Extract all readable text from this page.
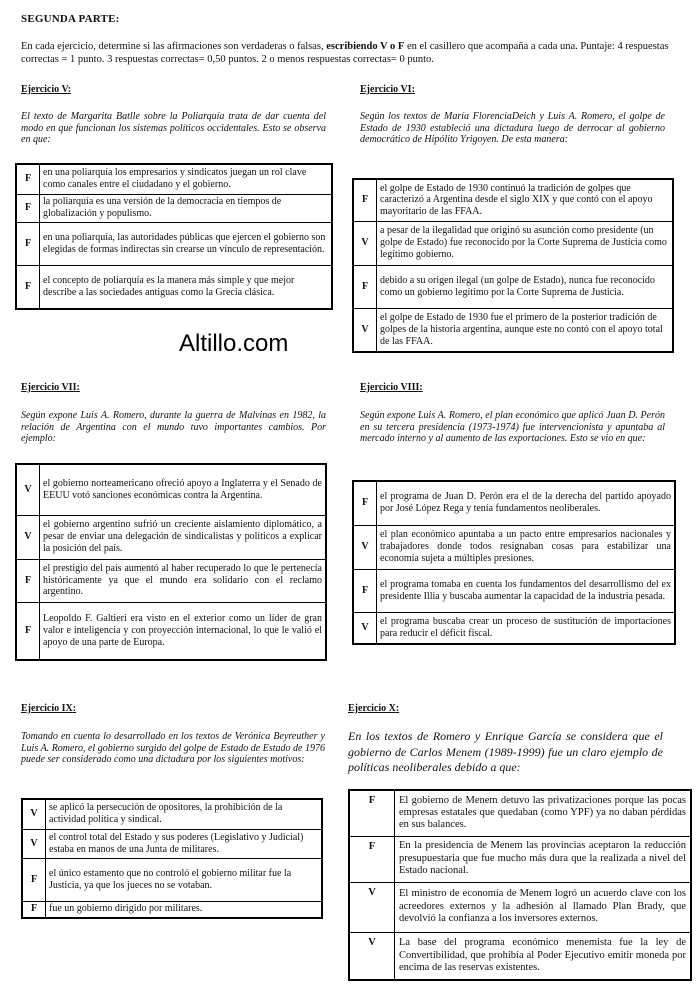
SEGUNDA PARTE:
En cada ejercicio, determine si las afirmaciones son verdaderas o falsas, escribiendo V o F en el casillero que acompaña a cada una. Puntaje: 4 respuestas correctas = 1 punto. 3 respuestas correctas= 0,50 puntos. 2 o menos respuestas correctas= 0 punto.
Altillo.com
Ejercicio V:
El texto de Margarita Batlle sobre la Poliarquía trata de dar cuenta del modo en que funcionan los sistemas políticos occidentales. Esto se observa en que:
F	en una poliarquía los empresarios y sindicatos juegan un rol clave como canales entre el ciudadano y el gobierno.
F	la poliarquía es una versión de la democracia en tiempos de globalización y populismo.
F	en una poliarquía, las autoridades públicas que ejercen el gobierno son elegidas de formas indirectas sin crearse un vínculo de representación.
F	el concepto de poliarquía es la manera más simple y que mejor describe a las sociedades antiguas como la Grecia clásica.
Ejercicio VI:
Según los textos de María FlorenciaDeich y Luis A. Romero, el golpe de Estado de 1930 estableció una dictadura luego de derrocar al gobierno democrático de Hipólito Yrigoyen. De esta manera:
F	el golpe de Estado de 1930 continuó la tradición de golpes que caracterizó a Argentina desde el siglo XIX y que contó con el apoyo mayoritario de las FFAA.
V	a pesar de la ilegalidad que originó su asunción como presidente (un golpe de Estado) fue reconocido por la Corte Suprema de Justicia como legítimo gobierno.
F	debido a su origen ilegal (un golpe de Estado), nunca fue reconocido como un gobierno legítimo por la Corte Suprema de Justicia.
V	el golpe de Estado de 1930 fue el primero de la posterior tradición de golpes de la historia argentina, aunque este no contó con el apoyo total de las FFAA.
Ejercicio VII:
Según expone Luis A. Romero, durante la guerra de Malvinas en 1982, la relación de Argentina con el mundo tuvo importantes cambios. Por ejemplo:
V	el gobierno norteamericano ofreció apoyo a Inglaterra y el Senado de EEUU votó sanciones económicas contra la Argentina.
V	el gobierno argentino sufrió un creciente aislamiento diplomático, a pesar de enviar una delegación de sindicalistas y políticos a explicar la posición del país.
F	el prestigio del país aumentó al haber recuperado lo que le pertenecía históricamente ya que el mundo era solidario con el reclamo argentino.
F	Leopoldo F. Galtieri era visto en el exterior como un líder de gran valor e inteligencia y con proyección internacional, lo que le valió el apoyo de una parte de Europa.
Ejercicio VIII:
Según expone Luis A. Romero, el plan económico que aplicó Juan D. Perón en su tercera presidencia (1973-1974) fue intervencionista y apuntaba al mercado interno y al aumento de las exportaciones. Esto se vio en que:
F	el programa de Juan D. Perón era el de la derecha del partido apoyado por José López Rega y tenía fundamentos neoliberales.
V	el plan económico apuntaba a un pacto entre empresarios nacionales y trabajadores donde todos resignaban cosas para estabilizar una economía sujeta a múltiples presiones.
F	el programa tomaba en cuenta los fundamentos del desarrollismo del ex presidente Illia y buscaba aumentar la capacidad de la industria pesada.
V	el programa buscaba crear un proceso de sustitución de importaciones para reducir el déficit fiscal.
Ejercicio IX:
Tomando en cuenta lo desarrollado en los textos de Verónica Beyreuther y Luis A. Romero, el gobierno surgido del golpe de Estado de Estado de 1976 puede ser considerado como una dictadura por los siguientes motivos:
V	se aplicó la persecución de opositores, la prohibición de la actividad política y sindical.
V	el control total del Estado y sus poderes (Legislativo y Judicial) estaba en manos de una Junta de militares.
F	el único estamento que no controló el gobierno militar fue la Justicia, ya que los jueces no se votaban.
F	fue un gobierno dirigido por militares.
Ejercicio X:
En los textos de Romero y Enrique García se considera que el gobierno de Carlos Menem (1989-1999) fue un claro ejemplo de políticas neoliberales debido a que:
F	El gobierno de Menem detuvo las privatizaciones porque las pocas empresas estatales que quedaban (como YPF) ya no daban pérdidas en sus balances.
F	En la presidencia de Menem las provincias aceptaron la reducción presupuestaria que fue mucho más dura que la realizada a nivel del Estado nacional.
V	El ministro de economía de Menem logró un acuerdo clave con los acreedores externos y la adhesión al llamado Plan Brady, que devolvió la confianza a los inversores externos.
V	La base del programa económico menemista fue la ley de Convertibilidad, que prohibía al Poder Ejecutivo emitir moneda por encima de las reservas existentes.
